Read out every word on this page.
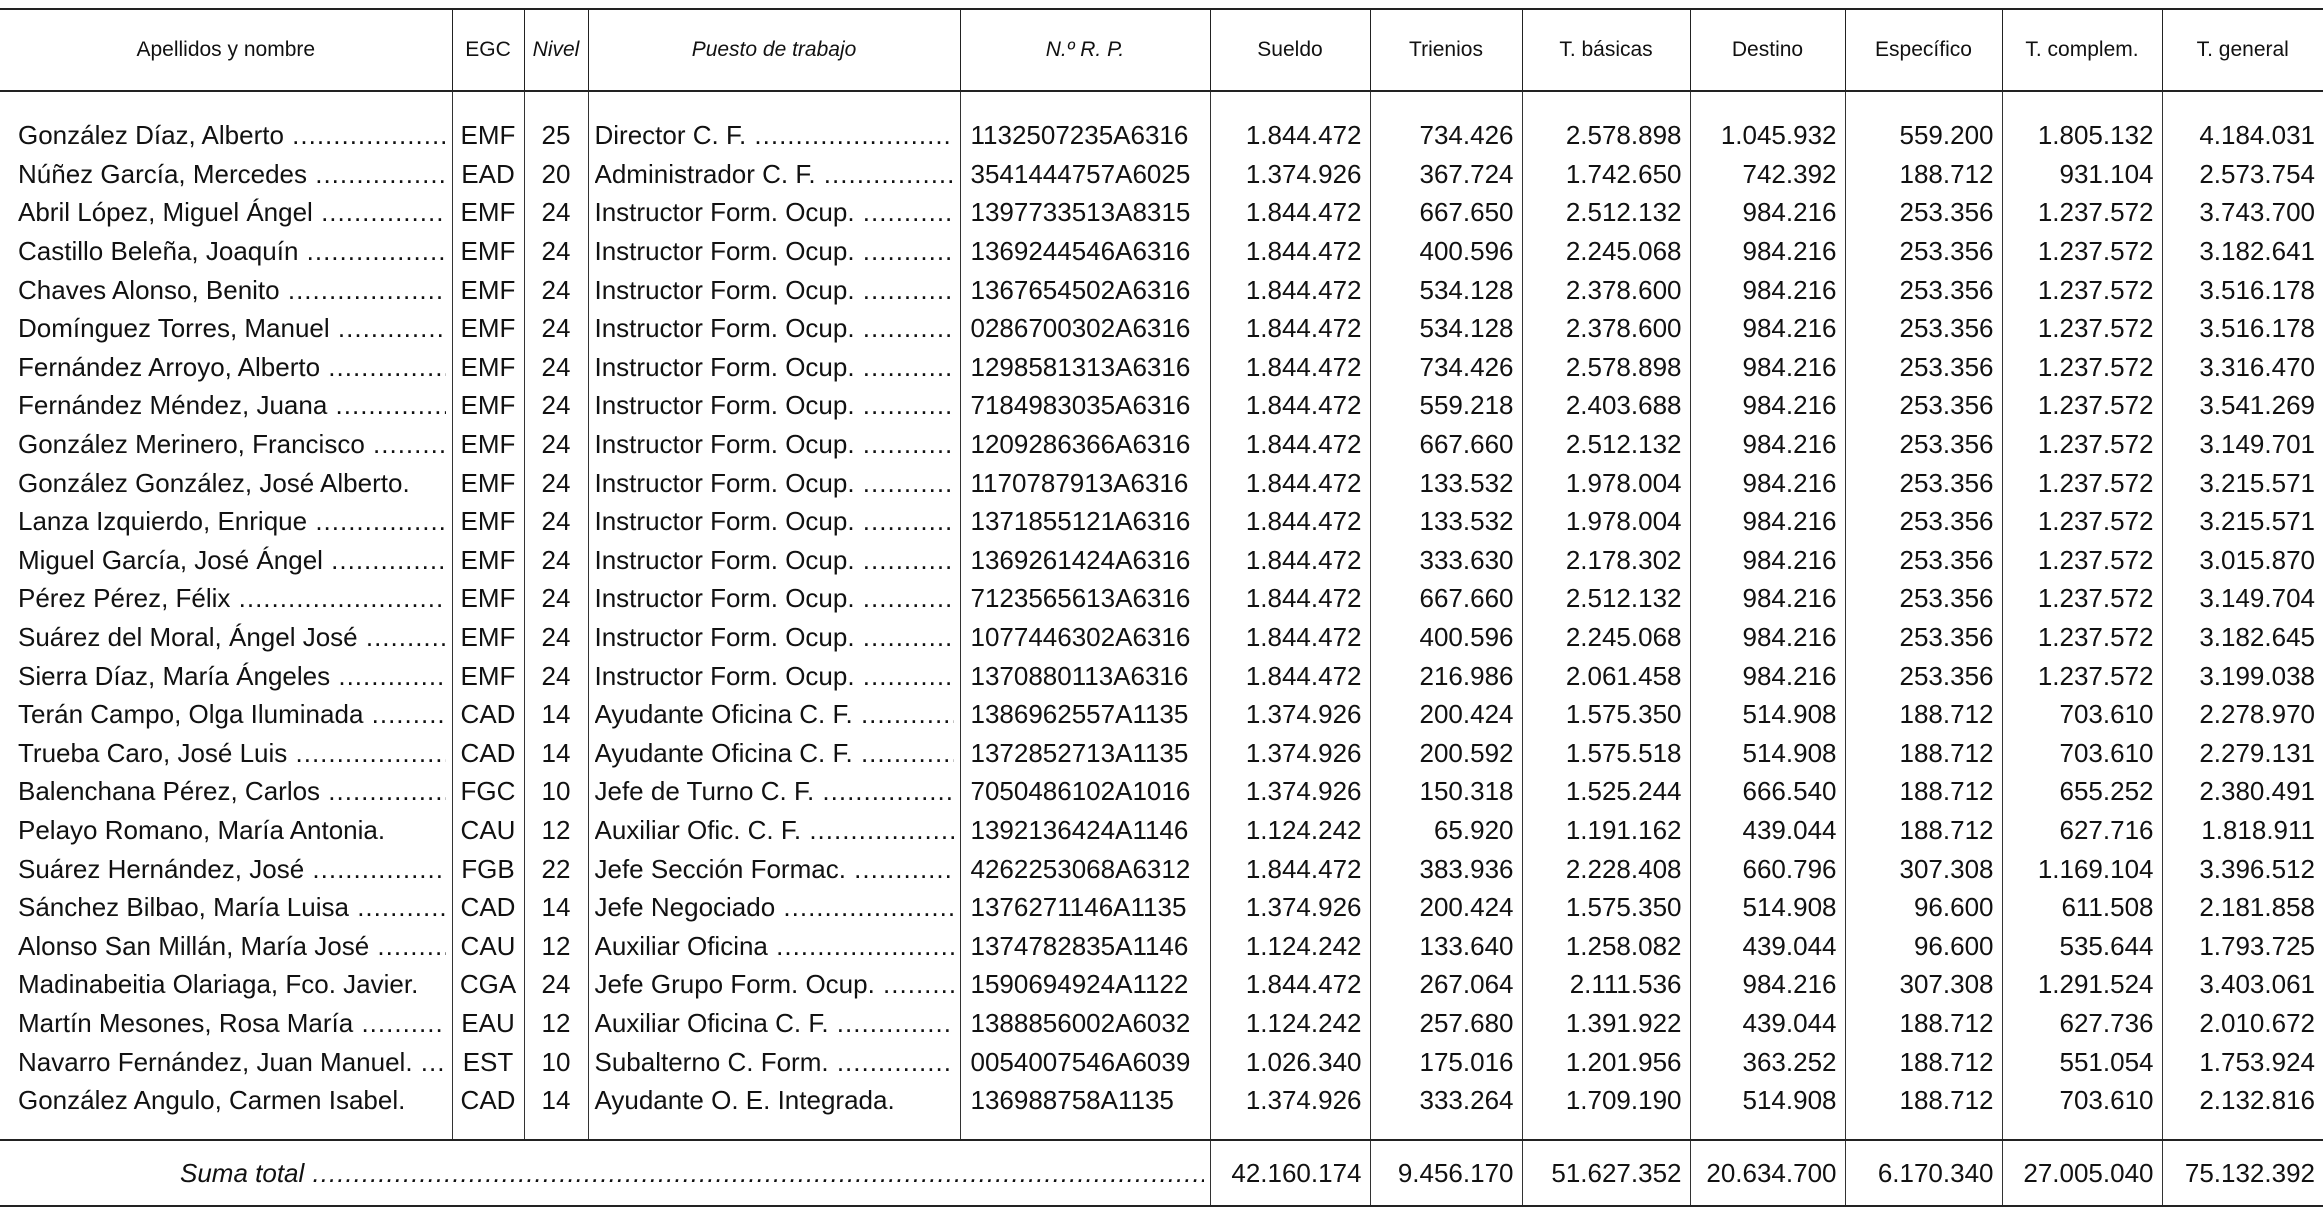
Apellidos y nombre	EGC	Nivel	Puesto de trabajo	N.º R. P.	Sueldo	Trienios	T. básicas	Destino	Específico	T. complem.	T. general

González Díaz, Alberto .....	EMF	25	Director C. F. .....	1132507235A6316	1.844.472	734.426	2.578.898	1.045.932	559.200	1.805.132	4.184.031

Núñez García, Mercedes .....	EAD	20	Administrador C. F. .....	3541444757A6025	1.374.926	367.724	1.742.650	742.392	188.712	931.104	2.573.754

Abril López, Miguel Ángel .....	EMF	24	Instructor Form. Ocup. .....	1397733513A8315	1.844.472	667.650	2.512.132	984.216	253.356	1.237.572	3.743.700

Castillo Beleña, Joaquín .....	EMF	24	Instructor Form. Ocup. .....	1369244546A6316	1.844.472	400.596	2.245.068	984.216	253.356	1.237.572	3.182.641

Chaves Alonso, Benito .....	EMF	24	Instructor Form. Ocup. .....	1367654502A6316	1.844.472	534.128	2.378.600	984.216	253.356	1.237.572	3.516.178

Domínguez Torres, Manuel .....	EMF	24	Instructor Form. Ocup. .....	0286700302A6316	1.844.472	534.128	2.378.600	984.216	253.356	1.237.572	3.516.178

Fernández Arroyo, Alberto .....	EMF	24	Instructor Form. Ocup. .....	1298581313A6316	1.844.472	734.426	2.578.898	984.216	253.356	1.237.572	3.316.470

Fernández Méndez, Juana .....	EMF	24	Instructor Form. Ocup. .....	7184983035A6316	1.844.472	559.218	2.403.688	984.216	253.356	1.237.572	3.541.269

González Merinero, Francisco .....	EMF	24	Instructor Form. Ocup. .....	1209286366A6316	1.844.472	667.660	2.512.132	984.216	253.356	1.237.572	3.149.701
González González, José Alberto.	EMF	24	Instructor Form. Ocup. .....	1170787913A6316	1.844.472	133.532	1.978.004	984.216	253.356	1.237.572	3.215.571

Lanza Izquierdo, Enrique .....	EMF	24	Instructor Form. Ocup. .....	1371855121A6316	1.844.472	133.532	1.978.004	984.216	253.356	1.237.572	3.215.571

Miguel García, José Ángel .....	EMF	24	Instructor Form. Ocup. .....	1369261424A6316	1.844.472	333.630	2.178.302	984.216	253.356	1.237.572	3.015.870

Pérez Pérez, Félix .....	EMF	24	Instructor Form. Ocup. .....	7123565613A6316	1.844.472	667.660	2.512.132	984.216	253.356	1.237.572	3.149.704

Suárez del Moral, Ángel José .....	EMF	24	Instructor Form. Ocup. .....	1077446302A6316	1.844.472	400.596	2.245.068	984.216	253.356	1.237.572	3.182.645

Sierra Díaz, María Ángeles .....	EMF	24	Instructor Form. Ocup. .....	1370880113A6316	1.844.472	216.986	2.061.458	984.216	253.356	1.237.572	3.199.038

Terán Campo, Olga Iluminada .....	CAD	14	Ayudante Oficina C. F. .....	1386962557A1135	1.374.926	200.424	1.575.350	514.908	188.712	703.610	2.278.970

Trueba Caro, José Luis .....	CAD	14	Ayudante Oficina C. F. .....	1372852713A1135	1.374.926	200.592	1.575.518	514.908	188.712	703.610	2.279.131

Balenchana Pérez, Carlos .....	FGC	10	Jefe de Turno C. F. .....	7050486102A1016	1.374.926	150.318	1.525.244	666.540	188.712	655.252	2.380.491
Pelayo Romano, María Antonia.	CAU	12	Auxiliar Ofic. C. F. .....	1392136424A1146	1.124.242	65.920	1.191.162	439.044	188.712	627.716	1.818.911

Suárez Hernández, José .....	FGB	22	Jefe Sección Formac. .....	4262253068A6312	1.844.472	383.936	2.228.408	660.796	307.308	1.169.104	3.396.512

Sánchez Bilbao, María Luisa .....	CAD	14	Jefe Negociado .....	1376271146A1135	1.374.926	200.424	1.575.350	514.908	96.600	611.508	2.181.858

Alonso San Millán, María José .....	CAU	12	Auxiliar Oficina .....	1374782835A1146	1.124.242	133.640	1.258.082	439.044	96.600	535.644	1.793.725
Madinabeitia Olariaga, Fco. Javier.	CGA	24	Jefe Grupo Form. Ocup. .....	1590694924A1122	1.844.472	267.064	2.111.536	984.216	307.308	1.291.524	3.403.061

Martín Mesones, Rosa María .....	EAU	12	Auxiliar Oficina C. F. .....	1388856002A6032	1.124.242	257.680	1.391.922	439.044	188.712	627.736	2.010.672

Navarro Fernández, Juan Manuel. .....	EST	10	Subalterno C. Form. .....	0054007546A6039	1.026.340	175.016	1.201.956	363.252	188.712	551.054	1.753.924
González Angulo, Carmen Isabel.	CAD	14	Ayudante O. E. Integrada.	136988758A1135	1.374.926	333.264	1.709.190	514.908	188.712	703.610	2.132.816

Suma total .....					42.160.174	9.456.170	51.627.352	20.634.700	6.170.340	27.005.040	75.132.392
